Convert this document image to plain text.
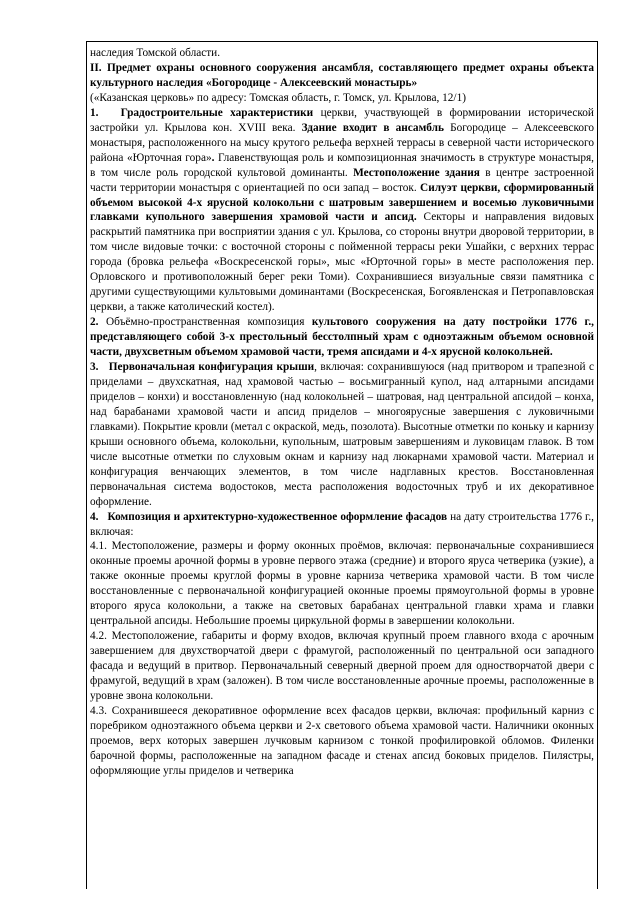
наследия Томской области.

II. Предмет охраны основного сооружения ансамбля, составляющего предмет охраны объекта культурного наследия «Богородице - Алексеевский монастырь»

(«Казанская церковь» по адресу: Томская область, г. Томск, ул. Крылова, 12/1)

1. Градостроительные характеристики церкви, участвующей в формировании исторической застройки ул. Крылова кон. XVIII века. Здание входит в ансамбль Богородице – Алексеевского монастыря, расположенного на мысу крутого рельефа верхней террасы в северной части исторического района «Юрточная гора». Главенствующая роль и композиционная значимость в структуре монастыря, в том числе роль городской культовой доминанты. Местоположение здания в центре застроенной части территории монастыря с ориентацией по оси запад – восток. Силуэт церкви, сформированный объемом высокой 4-х ярусной колокольни с шатровым завершением и восемью луковичными главками купольного завершения храмовой части и апсид. Секторы и направления видовых раскрытий памятника при восприятии здания с ул. Крылова, со стороны внутри дворовой территории, в том числе видовые точки: с восточной стороны с пойменной террасы реки Ушайки, с верхних террас города (бровка рельефа «Воскресенской горы», мыс «Юрточной горы» в месте расположения пер. Орловского и противоположный берег реки Томи). Сохранившиеся визуальные связи памятника с другими существующими культовыми доминантами (Воскресенская, Богоявленская и Петропавловская церкви, а также католический костел).

2. Объёмно-пространственная композиция культового сооружения на дату постройки 1776 г., представляющего собой 3-х престольный бесстолпный храм с одноэтажным объемом основной части, двухсветным объемом храмовой части, тремя апсидами и 4-х ярусной колокольней.

3. Первоначальная конфигурация крыши, включая: сохранившуюся (над притвором и трапезной с приделами – двухскатная, над храмовой частью – восьмигранный купол, над алтарными апсидами приделов – конхи) и восстановленную (над колокольней – шатровая, над центральной апсидой – конха, над барабанами храмовой части и апсид приделов – многоярусные завершения с луковичными главками). Покрытие кровли (метал с окраской, медь, позолота). Высотные отметки по коньку и карнизу крыши основного объема, колокольни, купольным, шатровым завершениям и луковицам главок. В том числе высотные отметки по слуховым окнам и карнизу над люкарнами храмовой части. Материал и конфигурация венчающих элементов, в том числе надглавных крестов. Восстановленная первоначальная система водостоков, места расположения водосточных труб и их декоративное оформление.

4. Композиция и архитектурно-художественное оформление фасадов на дату строительства 1776 г., включая:

4.1. Местоположение, размеры и форму оконных проёмов, включая: первоначальные сохранившиеся оконные проемы арочной формы в уровне первого этажа (средние) и второго яруса четверика (узкие), а также оконные проемы круглой формы в уровне карниза четверика храмовой части. В том числе восстановленные с первоначальной конфигурацией оконные проемы прямоугольной формы в уровне второго яруса колокольни, а также на световых барабанах центральной главки храма и главки центральной апсиды. Небольшие проемы циркульной формы в завершении колокольни.

4.2. Местоположение, габариты и форму входов, включая крупный проем главного входа с арочным завершением для двухстворчатой двери с фрамугой, расположенный по центральной оси западного фасада и ведущий в притвор. Первоначальный северный дверной проем для одностворчатой двери с фрамугой, ведущий в храм (заложен). В том числе восстановленные арочные проемы, расположенные в уровне звона колокольни.

4.3. Сохранившееся декоративное оформление всех фасадов церкви, включая: профильный карниз с поребриком одноэтажного объема церкви и 2-х светового объема храмовой части. Наличники оконных проемов, верх которых завершен лучковым карнизом с тонкой профилировкой обломов. Филенки барочной формы, расположенные на западном фасаде и стенах апсид боковых приделов. Пилястры, оформляющие углы приделов и четверика
